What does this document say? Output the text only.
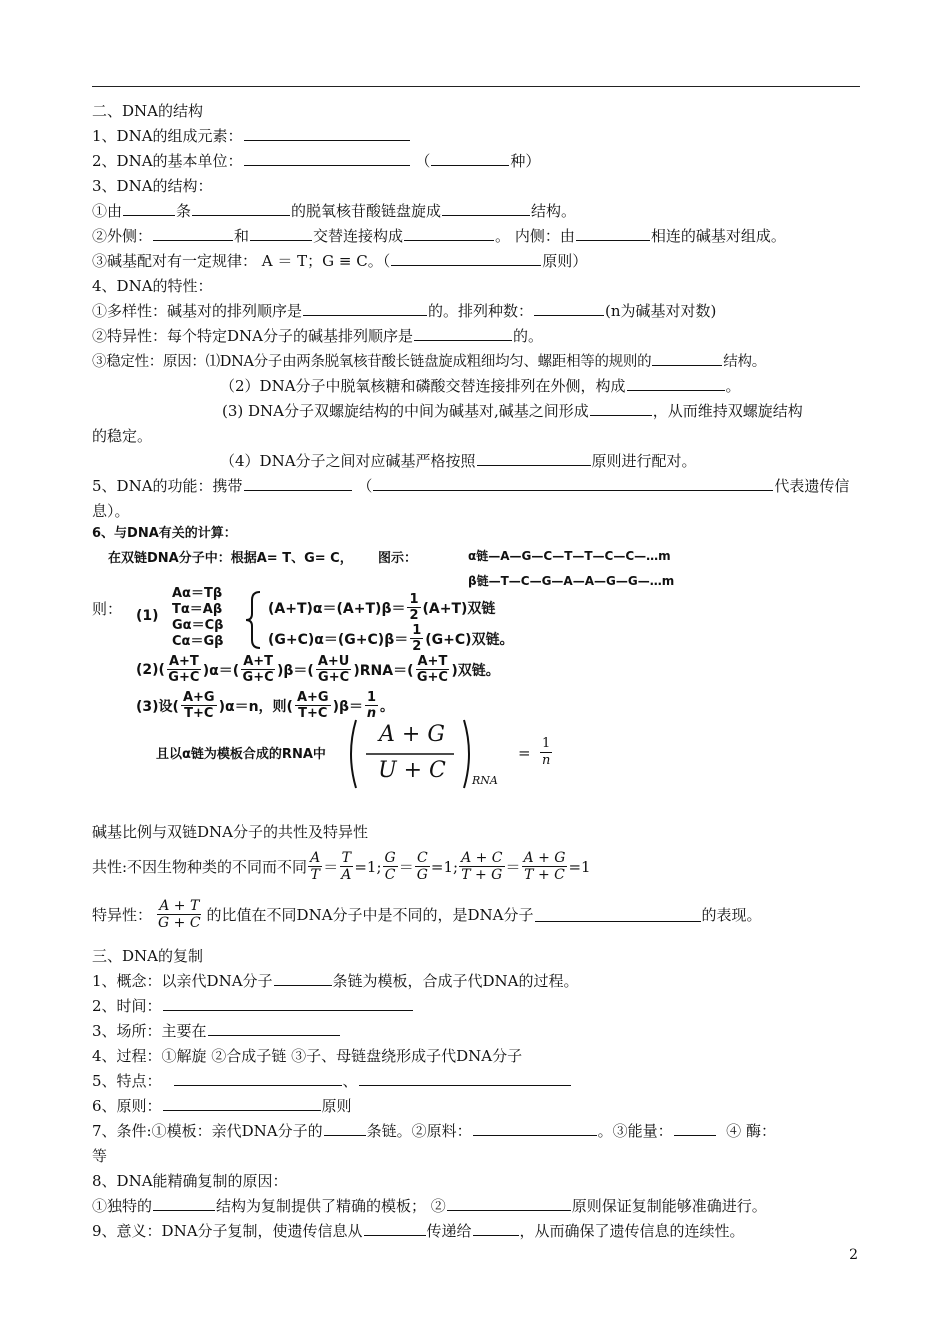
二、DNA的结构
1、DNA的组成元素：
2、DNA的基本单位：	（	种）
3、DNA的结构：
①由	条	的脱氧核苷酸链盘旋成	结构。
②外侧：	和	交替连接构成	。 内侧：由	相连的碱基对组成。
③碱基配对有一定规律： A ＝ T；G ≡ C。（	原则）
4、DNA的特性：
①多样性：碱基对的排列顺序是	的。排列种数：	(n为碱基对对数)
②特异性：每个特定DNA分子的碱基排列顺序是	的。
③稳定性：原因：⑴DNA分子由两条脱氧核苷酸长链盘旋成粗细均匀、螺距相等的规则的	结构。
（2）DNA分子中脱氧核糖和磷酸交替连接排列在外侧，构成	。
(3) DNA分子双螺旋结构的中间为碱基对,碱基之间形成	，从而维持双螺旋结构
的稳定。
（4）DNA分子之间对应碱基严格按照	原则进行配对。
5、DNA的功能：携带	（	代表遗传信
息）。
6、与DNA有关的计算：
在双链DNA分子中：根据A= T、G= C， 图示：	α链—A—G—C—T—T—C—C—…m
β链—T—C—G—A—A—G—G—…m
则： (1)
Aα＝Tβ
Tα＝Aβ
Gα＝Cβ
Cα＝Gβ
(A+T)α＝(A+T)β＝
1
2 (A+T)双链
(G+C)α＝(G+C)β＝
1
2 (G+C)双链。
(2)( A+T
G+C )α＝(
A+T
G+C )β＝(
A+U
G+C )RNA＝(
A+T
G+C )双链。
(3)设(
A+G
T+C )α＝n，则(
A+G
T+C )β＝
1
n 。
且以α链为模板合成的RNA中
A + G
U + C	RNA
=
1
n
碱基比例与双链DNA分子的共性及特异性
共性:不因生物种类的不同而不同 $\frac{A}{T} = \frac{T}{A} =1$; $\frac{G}{C} = \frac{C}{G} =1$; $\frac{A + C}{T + G} = \frac{A + G}{T + C} =1$
特异性： $\frac{A + T}{G + C}$ 的比值在不同DNA分子中是不同的，是DNA分子	的表现。
三、DNA的复制
1、概念：以亲代DNA分子	条链为模板，合成子代DNA的过程。
2、时间：
3、场所：主要在
4、过程：①解旋 ②合成子链 ③子、母链盘绕形成子代DNA分子
5、特点：	、
6、原则：	原则
7、条件:①模板：亲代DNA分子的	条链。②原料：	。③能量：	④ 酶：
等
8、DNA能精确复制的原因：
①独特的	结构为复制提供了精确的模板； ②	原则保证复制能够准确进行。
9、意义：DNA分子复制，使遗传信息从	传递给	，从而确保了遗传信息的连续性。
2
